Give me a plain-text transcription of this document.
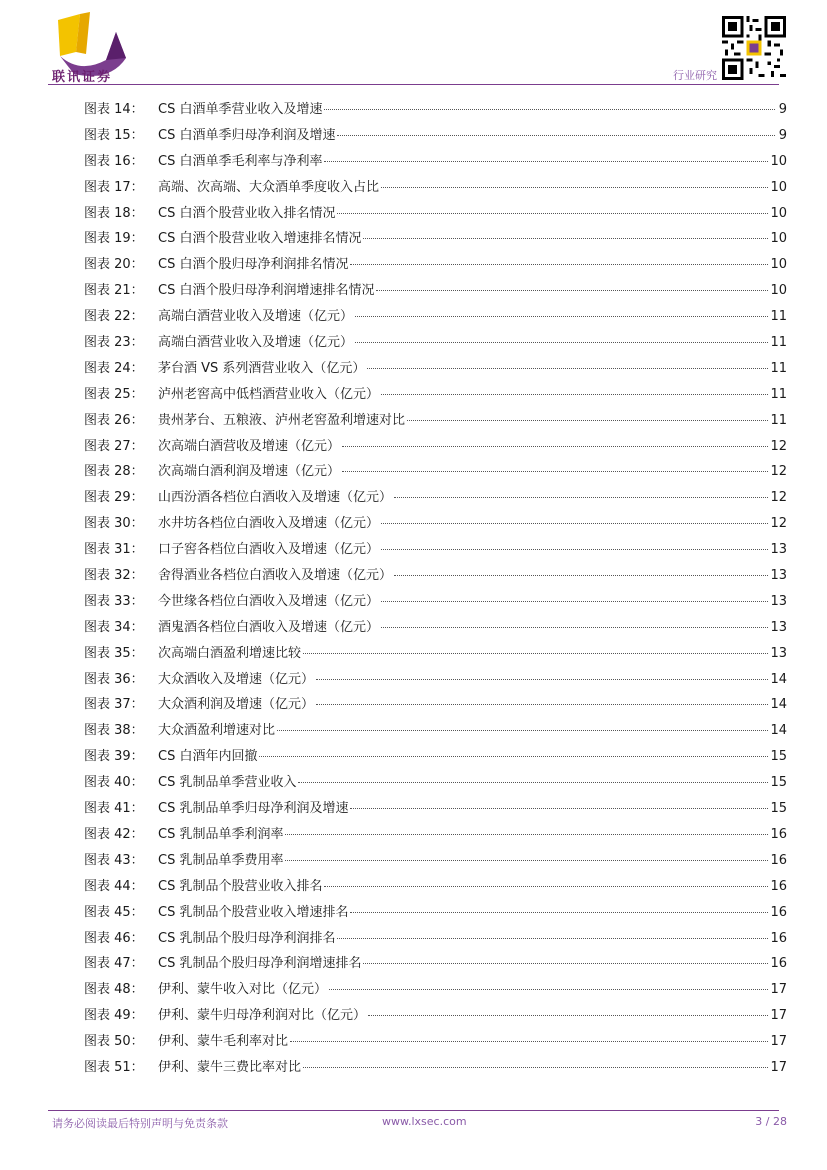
联讯证券	行业研究
图表 14：	CS 白酒单季营业收入及增速	9
图表 15：	CS 白酒单季归母净利润及增速	9
图表 16：	CS 白酒单季毛利率与净利率	10
图表 17：	高端、次高端、大众酒单季度收入占比	10
图表 18：	CS 白酒个股营业收入排名情况	10
图表 19：	CS 白酒个股营业收入增速排名情况	10
图表 20：	CS 白酒个股归母净利润排名情况	10
图表 21：	CS 白酒个股归母净利润增速排名情况	10
图表 22：	高端白酒营业收入及增速（亿元）	11
图表 23：	高端白酒营业收入及增速（亿元）	11
图表 24：	茅台酒 VS 系列酒营业收入（亿元）	11
图表 25：	泸州老窖高中低档酒营业收入（亿元）	11
图表 26：	贵州茅台、五粮液、泸州老窖盈利增速对比	11
图表 27：	次高端白酒营收及增速（亿元）	12
图表 28：	次高端白酒利润及增速（亿元）	12
图表 29：	山西汾酒各档位白酒收入及增速（亿元）	12
图表 30：	水井坊各档位白酒收入及增速（亿元）	12
图表 31：	口子窖各档位白酒收入及增速（亿元）	13
图表 32：	舍得酒业各档位白酒收入及增速（亿元）	13
图表 33：	今世缘各档位白酒收入及增速（亿元）	13
图表 34：	酒鬼酒各档位白酒收入及增速（亿元）	13
图表 35：	次高端白酒盈利增速比较	13
图表 36：	大众酒收入及增速（亿元）	14
图表 37：	大众酒利润及增速（亿元）	14
图表 38：	大众酒盈利增速对比	14
图表 39：	CS 白酒年内回撤	15
图表 40：	CS 乳制品单季营业收入	15
图表 41：	CS 乳制品单季归母净利润及增速	15
图表 42：	CS 乳制品单季利润率	16
图表 43：	CS 乳制品单季费用率	16
图表 44：	CS 乳制品个股营业收入排名	16
图表 45：	CS 乳制品个股营业收入增速排名	16
图表 46：	CS 乳制品个股归母净利润排名	16
图表 47：	CS 乳制品个股归母净利润增速排名	16
图表 48：	伊利、蒙牛收入对比（亿元）	17
图表 49：	伊利、蒙牛归母净利润对比（亿元）	17
图表 50：	伊利、蒙牛毛利率对比	17
图表 51：	伊利、蒙牛三费比率对比	17
请务必阅读最后特别声明与免责条款	www.lxsec.com	3 / 28
